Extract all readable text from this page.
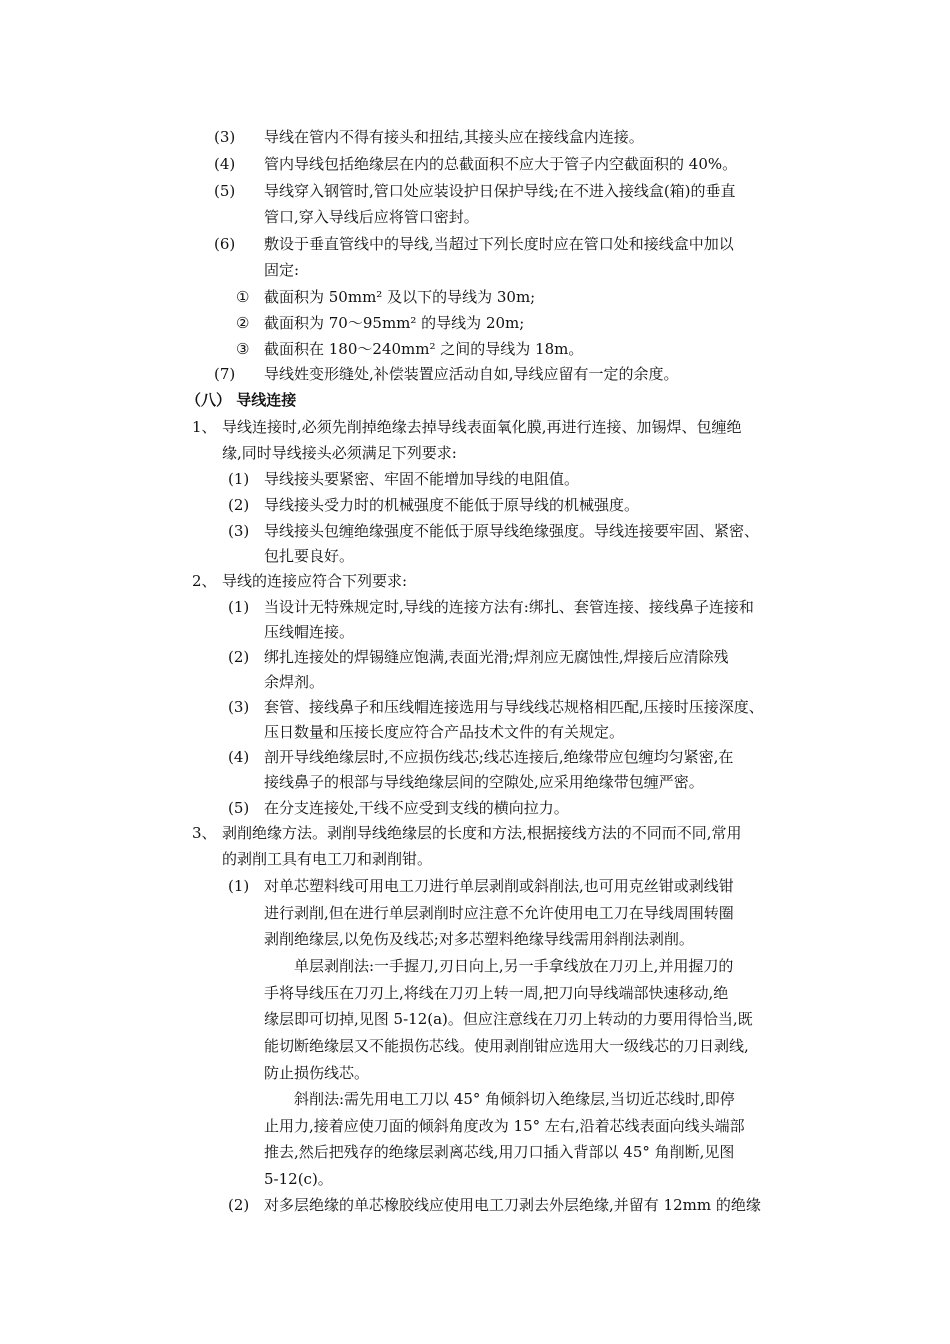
(3) 导线在管内不得有接头和扭结,其接头应在接线盒内连接。
(4) 管内导线包括绝缘层在内的总截面积不应大于管子内空截面积的 40%。
(5) 导线穿入钢管时,管口处应装设护日保护导线;在不进入接线盒(箱)的垂直
管口,穿入导线后应将管口密封。
(6) 敷设于垂直管线中的导线,当超过下列长度时应在管口处和接线盒中加以
固定:
① 截面积为 50mm² 及以下的导线为 30m;
② 截面积为 70～95mm² 的导线为 20m;
③ 截面积在 180～240mm² 之间的导线为 18m。
(7) 导线姓变形缝处,补偿装置应活动自如,导线应留有一定的余度。
（八） 导线连接
1、 导线连接时,必须先削掉绝缘去掉导线表面氧化膜,再进行连接、加锡焊、包缠绝
缘,同时导线接头必须满足下列要求:
(1) 导线接头要紧密、牢固不能增加导线的电阻值。
(2) 导线接头受力时的机械强度不能低于原导线的机械强度。
(3) 导线接头包缠绝缘强度不能低于原导线绝缘强度。导线连接要牢固、紧密、
包扎要良好。
2、 导线的连接应符合下列要求:
(1) 当设计无特殊规定时,导线的连接方法有:绑扎、套管连接、接线鼻子连接和
压线帽连接。
(2) 绑扎连接处的焊锡缝应饱满,表面光滑;焊剂应无腐蚀性,焊接后应清除残
余焊剂。
(3) 套管、接线鼻子和压线帽连接选用与导线线芯规格相匹配,压接时压接深度、
压日数量和压接长度应符合产品技术文件的有关规定。
(4) 剖开导线绝缘层时,不应损伤线芯;线芯连接后,绝缘带应包缠均匀紧密,在
接线鼻子的根部与导线绝缘层间的空隙处,应采用绝缘带包缠严密。
(5) 在分支连接处,干线不应受到支线的横向拉力。
3、 剥削绝缘方法。剥削导线绝缘层的长度和方法,根据接线方法的不同而不同,常用
的剥削工具有电工刀和剥削钳。
(1) 对单芯塑料线可用电工刀进行单层剥削或斜削法,也可用克丝钳或剥线钳
进行剥削,但在进行单层剥削时应注意不允许使用电工刀在导线周围转圈
剥削绝缘层,以免伤及线芯;对多芯塑料绝缘导线需用斜削法剥削。
单层剥削法:一手握刀,刃日向上,另一手拿线放在刀刃上,并用握刀的
手将导线压在刀刃上,将线在刀刃上转一周,把刀向导线端部快速移动,绝
缘层即可切掉,见图 5-12(a)。但应注意线在刀刃上转动的力要用得恰当,既
能切断绝缘层又不能损伤芯线。使用剥削钳应选用大一级线芯的刀日剥线,
防止损伤线芯。
斜削法:需先用电工刀以 45° 角倾斜切入绝缘层,当切近芯线时,即停
止用力,接着应使刀面的倾斜角度改为 15° 左右,沿着芯线表面向线头端部
推去,然后把残存的绝缘层剥离芯线,用刀口插入背部以 45° 角削断,见图
5-12(c)。
(2) 对多层绝缘的单芯橡胶线应使用电工刀剥去外层绝缘,并留有 12mm 的绝缘
